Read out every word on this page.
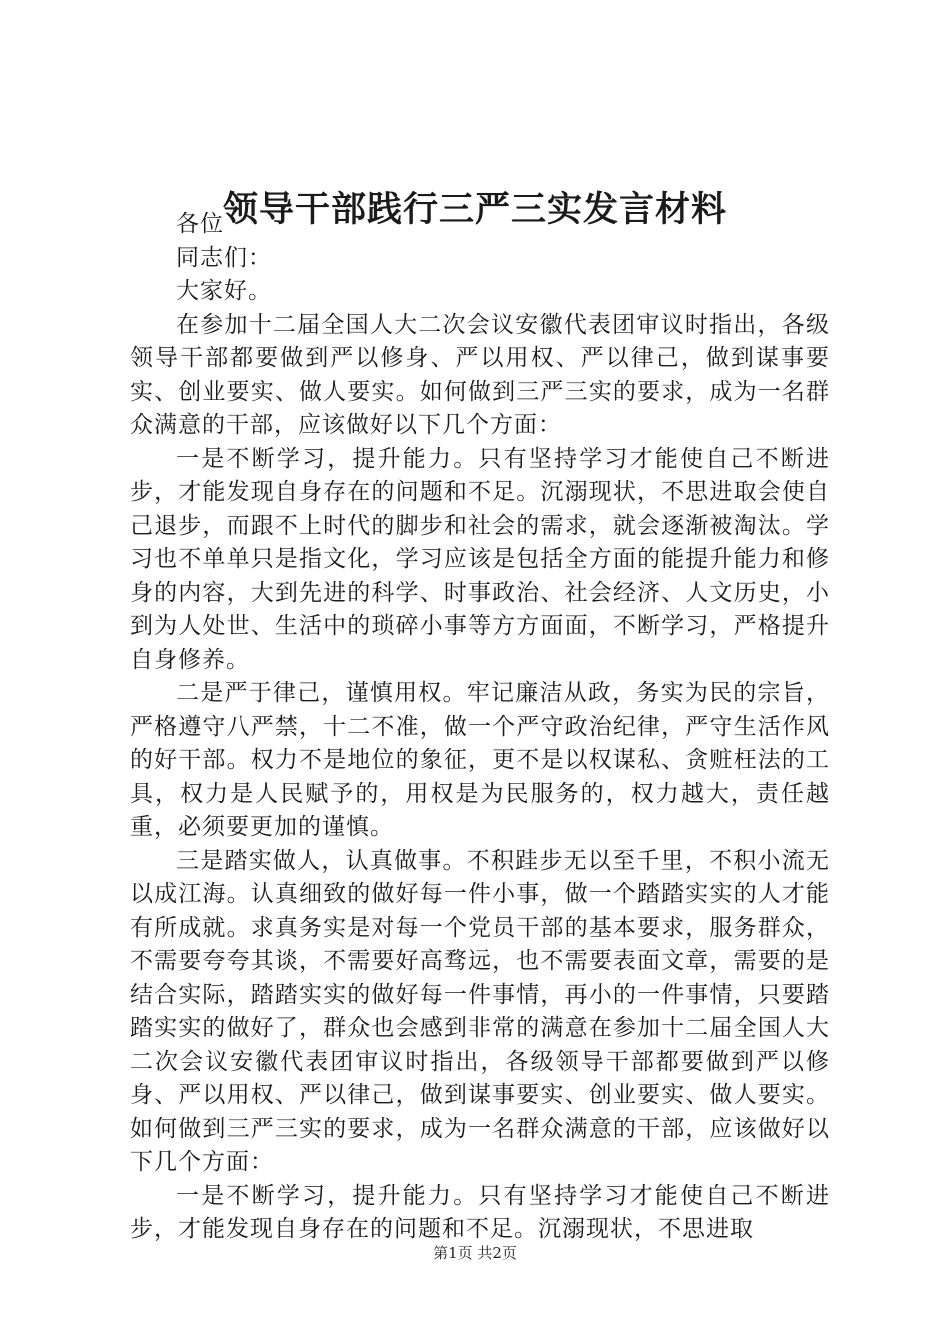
领导干部践行三严三实发言材料

各位

同志们：

大家好。

在参加十二届全国人大二次会议安徽代表团审议时指出，各级领导干部都要做到严以修身、严以用权、严以律己，做到谋事要实、创业要实、做人要实。如何做到三严三实的要求，成为一名群众满意的干部，应该做好以下几个方面：

一是不断学习，提升能力。只有坚持学习才能使自己不断进步，才能发现自身存在的问题和不足。沉溺现状，不思进取会使自己退步，而跟不上时代的脚步和社会的需求，就会逐渐被淘汰。学习也不单单只是指文化，学习应该是包括全方面的能提升能力和修身的内容，大到先进的科学、时事政治、社会经济、人文历史，小到为人处世、生活中的琐碎小事等方方面面，不断学习，严格提升自身修养。

二是严于律己，谨慎用权。牢记廉洁从政，务实为民的宗旨，严格遵守八严禁，十二不准，做一个严守政治纪律，严守生活作风的好干部。权力不是地位的象征，更不是以权谋私、贪赃枉法的工具，权力是人民赋予的，用权是为民服务的，权力越大，责任越重，必须要更加的谨慎。

三是踏实做人，认真做事。不积跬步无以至千里，不积小流无以成江海。认真细致的做好每一件小事，做一个踏踏实实的人才能有所成就。求真务实是对每一个党员干部的基本要求，服务群众，不需要夸夸其谈，不需要好高骛远，也不需要表面文章，需要的是结合实际，踏踏实实的做好每一件事情，再小的一件事情，只要踏踏实实的做好了，群众也会感到非常的满意在参加十二届全国人大二次会议安徽代表团审议时指出，各级领导干部都要做到严以修身、严以用权、严以律己，做到谋事要实、创业要实、做人要实。如何做到三严三实的要求，成为一名群众满意的干部，应该做好以下几个方面：

一是不断学习，提升能力。只有坚持学习才能使自己不断进步，才能发现自身存在的问题和不足。沉溺现状，不思进取

第1页 共2页
